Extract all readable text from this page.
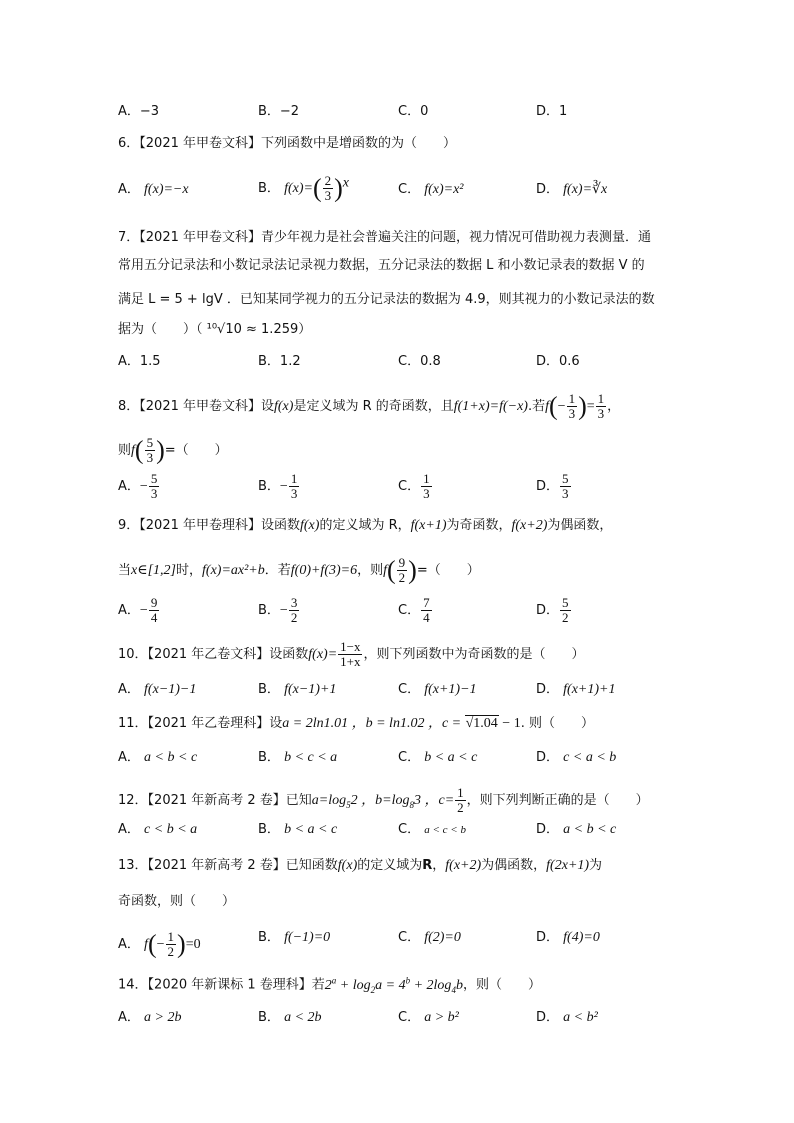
A．−3	B．−2	C．0	D．1
6．【2021 年甲卷文科】下列函数中是增函数的为（　　）
A． f(x)=−x	B． $f(x)=( \frac{2}{3} )^x$	C． f(x)=x²	D． f(x)=∛x
7．【2021 年甲卷文科】青少年视力是社会普遍关注的问题，视力情况可借助视力表测量．通
常用五分记录法和小数记录法记录视力数据，五分记录法的数据 L 和小数记录表的数据 V 的
满足 L = 5 + lgV ．已知某同学视力的五分记录法的数据为 4.9，则其视力的小数记录法的数
据为（　　）（ ¹⁰√10 ≈ 1.259）
A．1.5	B．1.2	C．0.8	D．0.6
8．【2021 年甲卷文科】设f(x)是定义域为 R 的奇函数，且f(1+x)=f(−x).若$f(- \frac{1}{3}$ )= $\frac{1}{3}$ ，
则$f( \frac{5}{3}$ )=（　　）
A．− $\frac{5}{3}$	B．− $\frac{1}{3}$	C． $\frac{1}{3}$	D． $\frac{5}{3}$
9．【2021 年甲卷理科】设函数f(x)的定义域为 R，f(x+1)为奇函数，f(x+2)为偶函数，
当x∈[1,2]时，f(x)=ax²+b．若f(0)+f(3)=6，则$f( \frac{9}{2}$ )=（　　）
A．− $\frac{9}{4}$	B．− $\frac{3}{2}$	C． $\frac{7}{4}$	D． $\frac{5}{2}$
10．【2021 年乙卷文科】设函数$f(x)= \frac{1-x}{1+x}$ ，则下列函数中为奇函数的是（　　）
A． f(x−1)−1	B． f(x−1)+1	C． f(x+1)−1	D． f(x+1)+1
11．【2021 年乙卷理科】设a = 2ln1.01 ，b = ln1.02 ，c = √1.04 − 1. 则（　　）
A． a < b < c	B． b < c < a	C． b < a < c	D． c < a < b
12．【2021 年新高考 2 卷】已知$a=\log_52$ ，$b=\log_83$ ，$c= \frac{1}{2}$ ，则下列判断正确的是（　　）
A． c < b < a	B． b < a < c	C． a < c < b	D． a < b < c
13．【2021 年新高考 2 卷】已知函数f(x)的定义域为R，f(x+2)为偶函数，f(2x+1)为
奇函数，则（　　）
A． $f(- \frac{1}{2} )=0$	B． f(−1)=0	C． f(2)=0	D． f(4)=0
14．【2020 年新课标 1 卷理科】若$2^a + \log_2a = 4^b + 2\log_4b$，则（　　）
A． a > 2b	B． a < 2b	C． a > b²	D． a < b²
